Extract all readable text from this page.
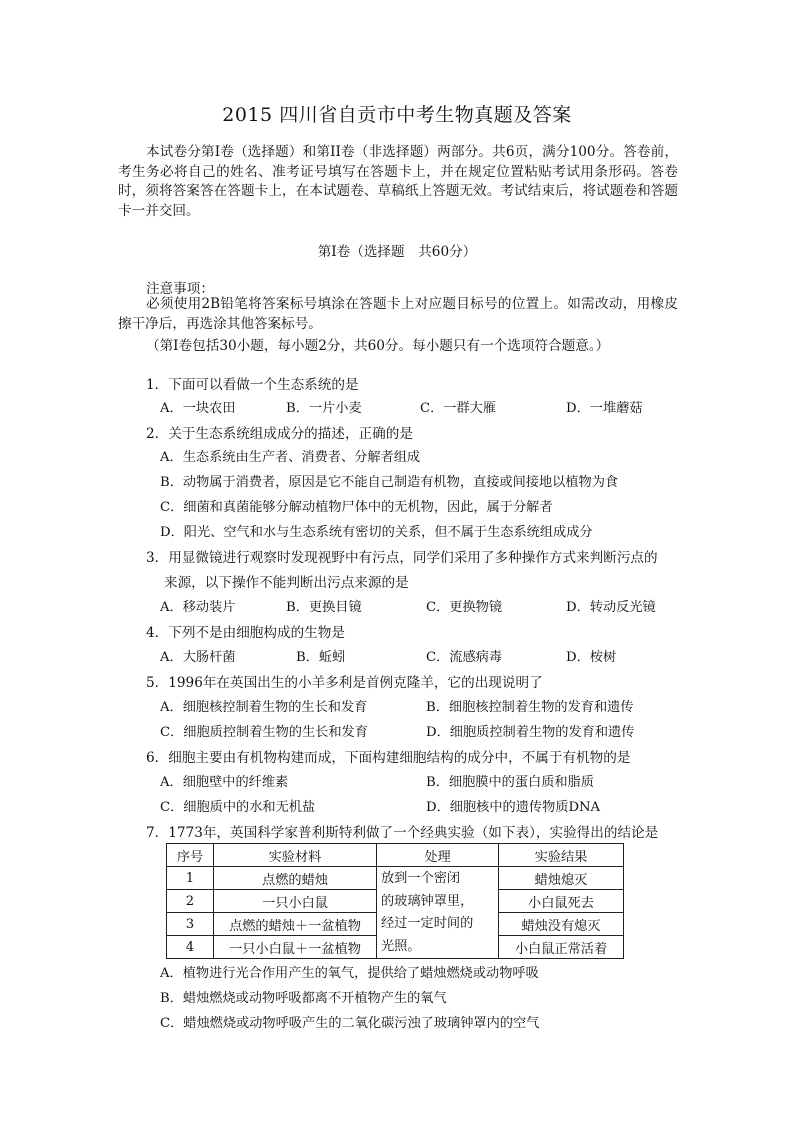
2015 四川省自贡市中考生物真题及答案

本试卷分第Ⅰ卷（选择题）和第II卷（非选择题）两部分。共6页，满分100分。答卷前，考生务必将自己的姓名、准考证号填写在答题卡上，并在规定位置粘贴考试用条形码。答卷时，须将答案答在答题卡上，在本试题卷、草稿纸上答题无效。考试结束后，将试题卷和答题卡一并交回。

第Ⅰ卷（选择题　共60分）
注意事项：

必须使用2B铅笔将答案标号填涂在答题卡上对应题目标号的位置上。如需改动，用橡皮擦干净后，再选涂其他答案标号。

（第Ⅰ卷包括30小题，每小题2分，共60分。每小题只有一个选项符合题意。）
1．下面可以看做一个生态系统的是
A．一块农田	B．一片小麦	C．一群大雁	D．一堆蘑菇
2．关于生态系统组成成分的描述，正确的是
A．生态系统由生产者、消费者、分解者组成
B．动物属于消费者，原因是它不能自己制造有机物，直接或间接地以植物为食
C．细菌和真菌能够分解动植物尸体中的无机物，因此，属于分解者
D．阳光、空气和水与生态系统有密切的关系，但不属于生态系统组成成分
3．用显微镜进行观察时发现视野中有污点，同学们采用了多种操作方式来判断污点的
来源，以下操作不能判断出污点来源的是
A．移动装片	B．更换目镜	C．更换物镜	D．转动反光镜
4．下列不是由细胞构成的生物是
A．大肠杆菌	B．蚯蚓	C．流感病毒	D．桉树
5．1996年在英国出生的小羊多利是首例克隆羊，它的出现说明了
A．细胞核控制着生物的生长和发育	B．细胞核控制着生物的发育和遗传
C．细胞质控制着生物的生长和发育	D．细胞质控制着生物的发育和遗传
6．细胞主要由有机物构建而成，下面构建细胞结构的成分中，不属于有机物的是
A．细胞壁中的纤维素	B．细胞膜中的蛋白质和脂质
C．细胞质中的水和无机盐	D．细胞核中的遗传物质DNA
7．1773年，英国科学家普利斯特利做了一个经典实验（如下表），实验得出的结论是
序号	实验材料	处理	实验结果
1	点燃的蜡烛	放到一个密闭
的玻璃钟罩里，
经过一定时间的
光照。	蜡烛熄灭
2	一只小白鼠		小白鼠死去
3	点燃的蜡烛＋一盆植物		蜡烛没有熄灭
4	一只小白鼠＋一盆植物		小白鼠正常活着
A．植物进行光合作用产生的氧气，提供给了蜡烛燃烧或动物呼吸
B．蜡烛燃烧或动物呼吸都离不开植物产生的氧气
C．蜡烛燃烧或动物呼吸产生的二氧化碳污浊了玻璃钟罩内的空气
